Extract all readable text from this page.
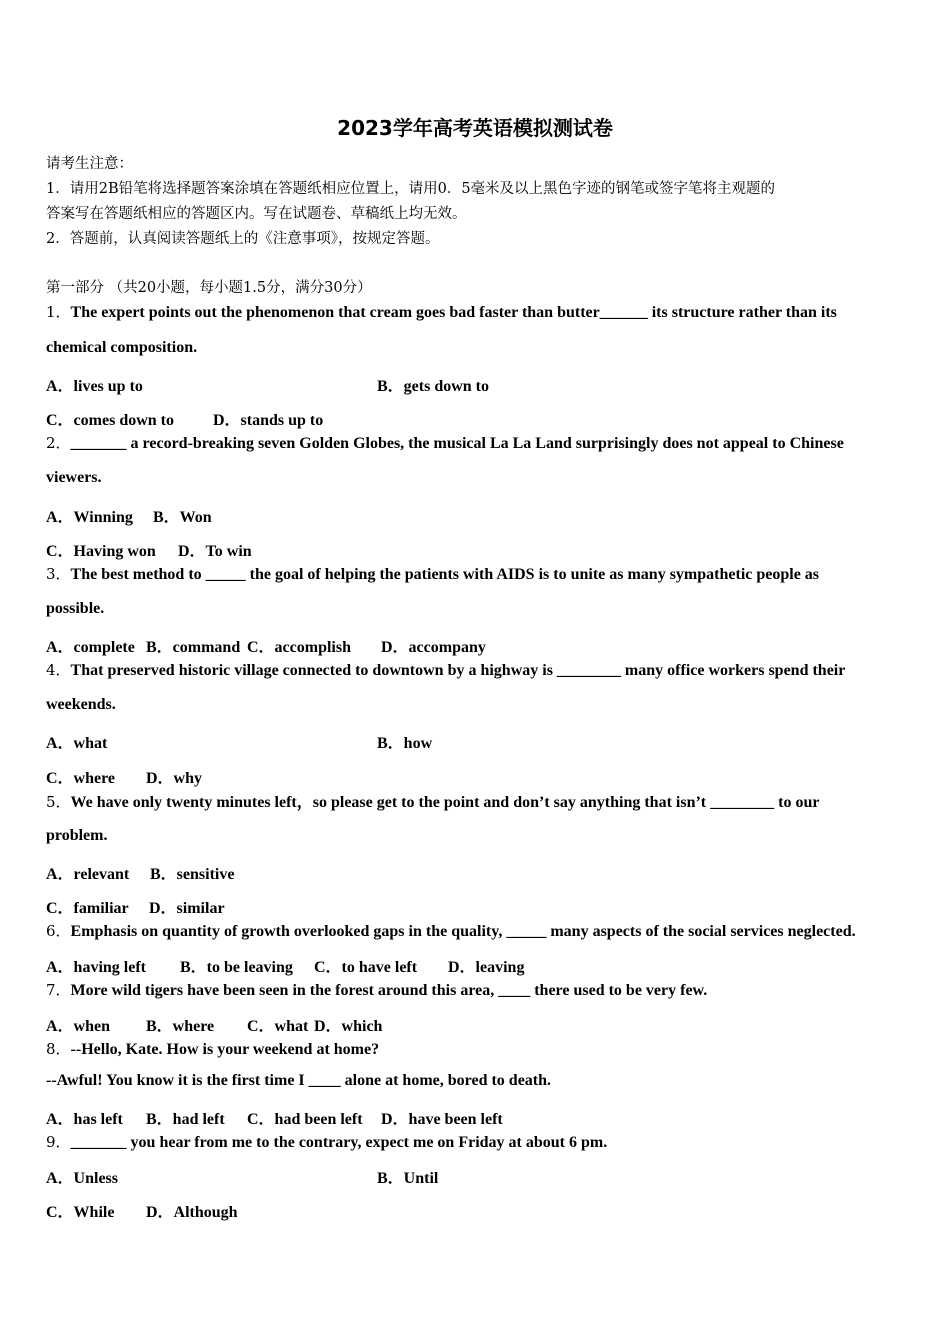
2023学年高考英语模拟测试卷
请考生注意：
1．请用2B铅笔将选择题答案涂填在答题纸相应位置上，请用0．5毫米及以上黑色字迹的钢笔或签字笔将主观题的
答案写在答题纸相应的答题区内。写在试题卷、草稿纸上均无效。
2．答题前，认真阅读答题纸上的《注意事项》，按规定答题。
第一部分 （共20小题，每小题1.5分，满分30分）
1．The expert points out the phenomenon that cream goes bad faster than butter______ its structure rather than its
chemical composition.
A．lives up to	B．gets down to
C．comes down to D．stands up to
2．_______ a record-breaking seven Golden Globes, the musical La La Land surprisingly does not appeal to Chinese
viewers.
A．Winning B．Won
C．Having won D．To win
3．The best method to _____ the goal of helping the patients with AIDS is to unite as many sympathetic people as
possible.
A．complete B．command C．accomplish D．accompany
4．That preserved historic village connected to downtown by a highway is ________ many office workers spend their
weekends.
A．what	B．how
C．where D．why
5．We have only twenty minutes left，so please get to the point and don’t say anything that isn’t ________ to our
problem.
A．relevant B．sensitive
C．familiar D．similar
6．Emphasis on quantity of growth overlooked gaps in the quality, _____ many aspects of the social services neglected.
A．having left B．to be leaving C．to have left D．leaving
7．More wild tigers have been seen in the forest around this area, ____ there used to be very few.
A．when B．where C．what D．which
8．--Hello, Kate. How is your weekend at home?
--Awful! You know it is the first time I ____ alone at home, bored to death.
A．has left B．had left C．had been left D．have been left
9．_______ you hear from me to the contrary, expect me on Friday at about 6 pm.
A．Unless	B．Until
C．While D．Although
